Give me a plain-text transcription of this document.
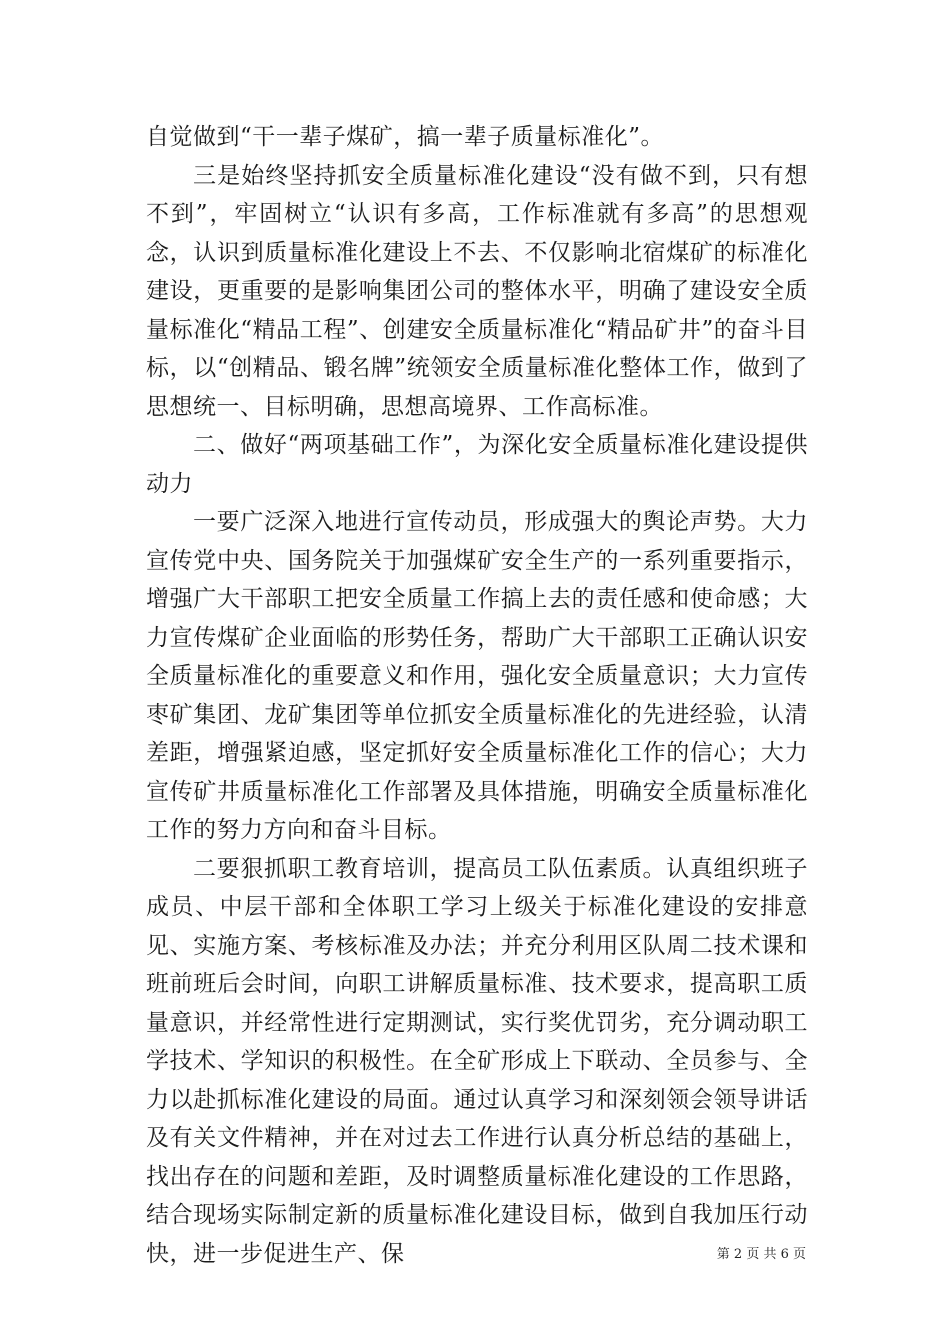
自觉做到“干一辈子煤矿，搞一辈子质量标准化”。

三是始终坚持抓安全质量标准化建设“没有做不到，只有想不到”，牢固树立“认识有多高，工作标准就有多高”的思想观念，认识到质量标准化建设上不去、不仅影响北宿煤矿的标准化建设，更重要的是影响集团公司的整体水平，明确了建设安全质量标准化“精品工程”、创建安全质量标准化“精品矿井”的奋斗目标，以“创精品、锻名牌”统领安全质量标准化整体工作，做到了思想统一、目标明确，思想高境界、工作高标准。

二、做好“两项基础工作”，为深化安全质量标准化建设提供动力

一要广泛深入地进行宣传动员，形成强大的舆论声势。大力宣传党中央、国务院关于加强煤矿安全生产的一系列重要指示，增强广大干部职工把安全质量工作搞上去的责任感和使命感；大力宣传煤矿企业面临的形势任务，帮助广大干部职工正确认识安全质量标准化的重要意义和作用，强化安全质量意识；大力宣传枣矿集团、龙矿集团等单位抓安全质量标准化的先进经验，认清差距，增强紧迫感，坚定抓好安全质量标准化工作的信心；大力宣传矿井质量标准化工作部署及具体措施，明确安全质量标准化工作的努力方向和奋斗目标。

二要狠抓职工教育培训，提高员工队伍素质。认真组织班子成员、中层干部和全体职工学习上级关于标准化建设的安排意见、实施方案、考核标准及办法；并充分利用区队周二技术课和班前班后会时间，向职工讲解质量标准、技术要求，提高职工质量意识，并经常性进行定期测试，实行奖优罚劣，充分调动职工学技术、学知识的积极性。在全矿形成上下联动、全员参与、全力以赴抓标准化建设的局面。通过认真学习和深刻领会领导讲话及有关文件精神，并在对过去工作进行认真分析总结的基础上，找出存在的问题和差距，及时调整质量标准化建设的工作思路，结合现场实际制定新的质量标准化建设目标，做到自我加压行动快，进一步促进生产、保	第 2 页 共 6 页
